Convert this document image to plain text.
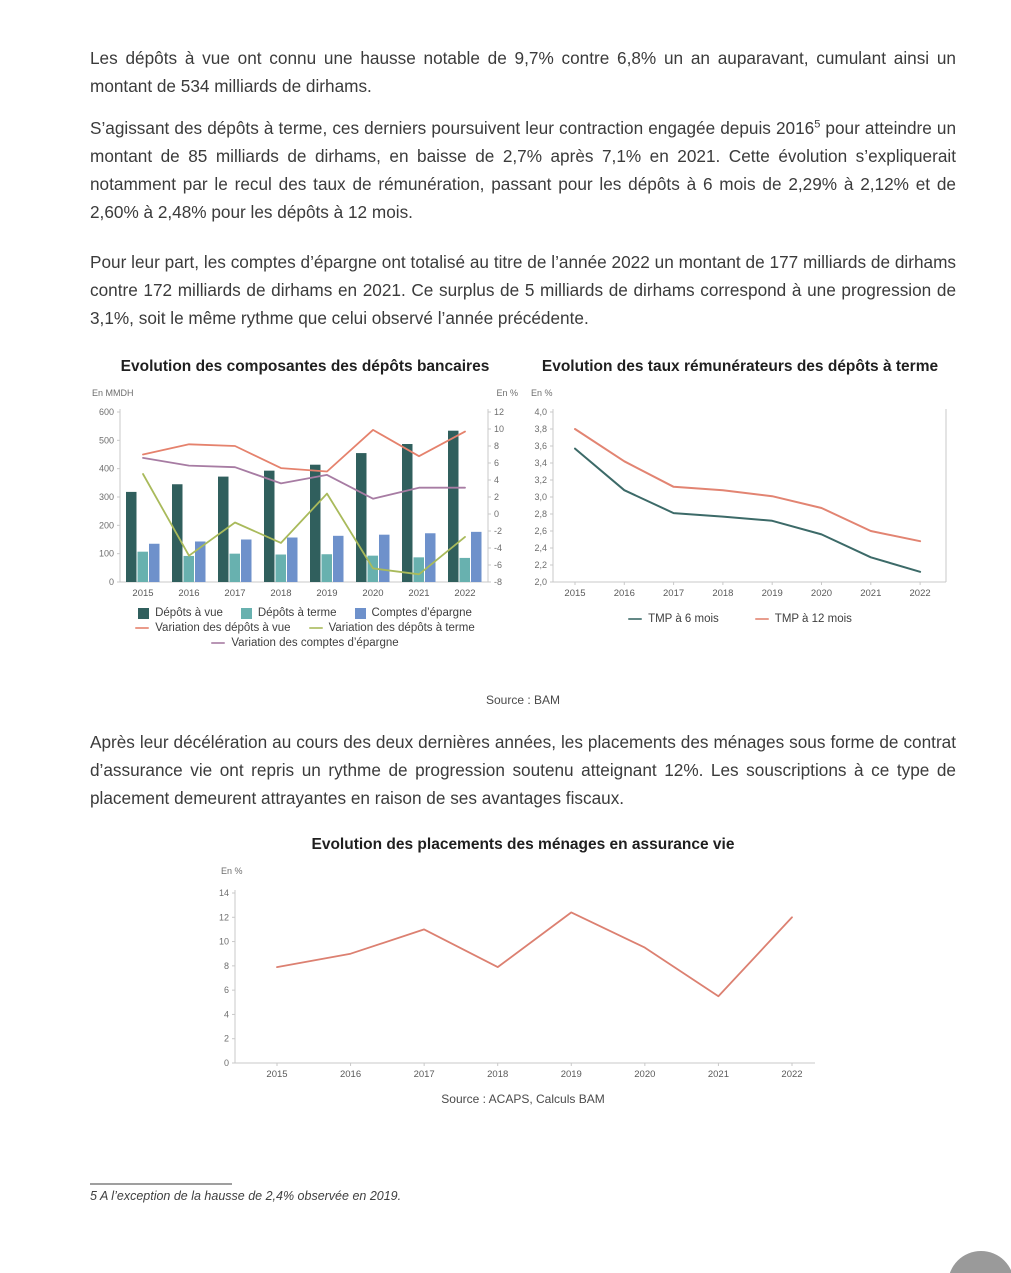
Les dépôts à vue ont connu une hausse notable de 9,7% contre 6,8% un an auparavant, cumulant ainsi un montant de 534 milliards de dirhams.

S’agissant des dépôts à terme, ces derniers poursuivent leur contraction engagée depuis 2016$^5$ pour atteindre un montant de 85 milliards de dirhams, en baisse de 2,7% après 7,1% en 2021. Cette évolution s’expliquerait notamment par le recul des taux de rémunération, passant pour les dépôts à 6 mois de 2,29% à 2,12% et de 2,60% à 2,48% pour les dépôts à 12 mois.

Pour leur part, les comptes d’épargne ont totalisé au titre de l’année 2022 un montant de 177 milliards de dirhams contre 172 milliards de dirhams en 2021. Ce surplus de 5 milliards de dirhams correspond à une progression de 3,1%, soit le même rythme que celui observé l’année précédente.

Evolution des composantes des dépôts bancaires

En MMDH	En %
0
100
200
300
400
500
600
-8
-6
-4
-2
0
2
4
6
8
10
12
2015	2016	2017	2018	2019	2020	2021	2022
Dépôts à vue	Dépôts à terme	Comptes d’épargne
Variation des dépôts à vue	Variation des dépôts à terme
Variation des comptes d’épargne

Evolution des taux rémunérateurs des dépôts à terme

En %
2,0
2,2
2,4
2,6
2,8
3,0
3,2
3,4
3,6
3,8
4,0
2015	2016	2017	2018	2019	2020	2021	2022
TMP à 6 mois	TMP à 12 mois
Source : BAM

Après leur décélération au cours des deux dernières années, les placements des ménages sous forme de contrat d’assurance vie ont repris un rythme de progression soutenu atteignant 12%. Les souscriptions à ce type de placement demeurent attrayantes en raison de ses avantages fiscaux.

Evolution des placements des ménages en assurance vie

En %
0
2
4
6
8
10
12
14
2015	2016	2017	2018	2019	2020	2021	2022
Source : ACAPS, Calculs BAM
5 A l’exception de la hausse de 2,4% observée en 2019.
